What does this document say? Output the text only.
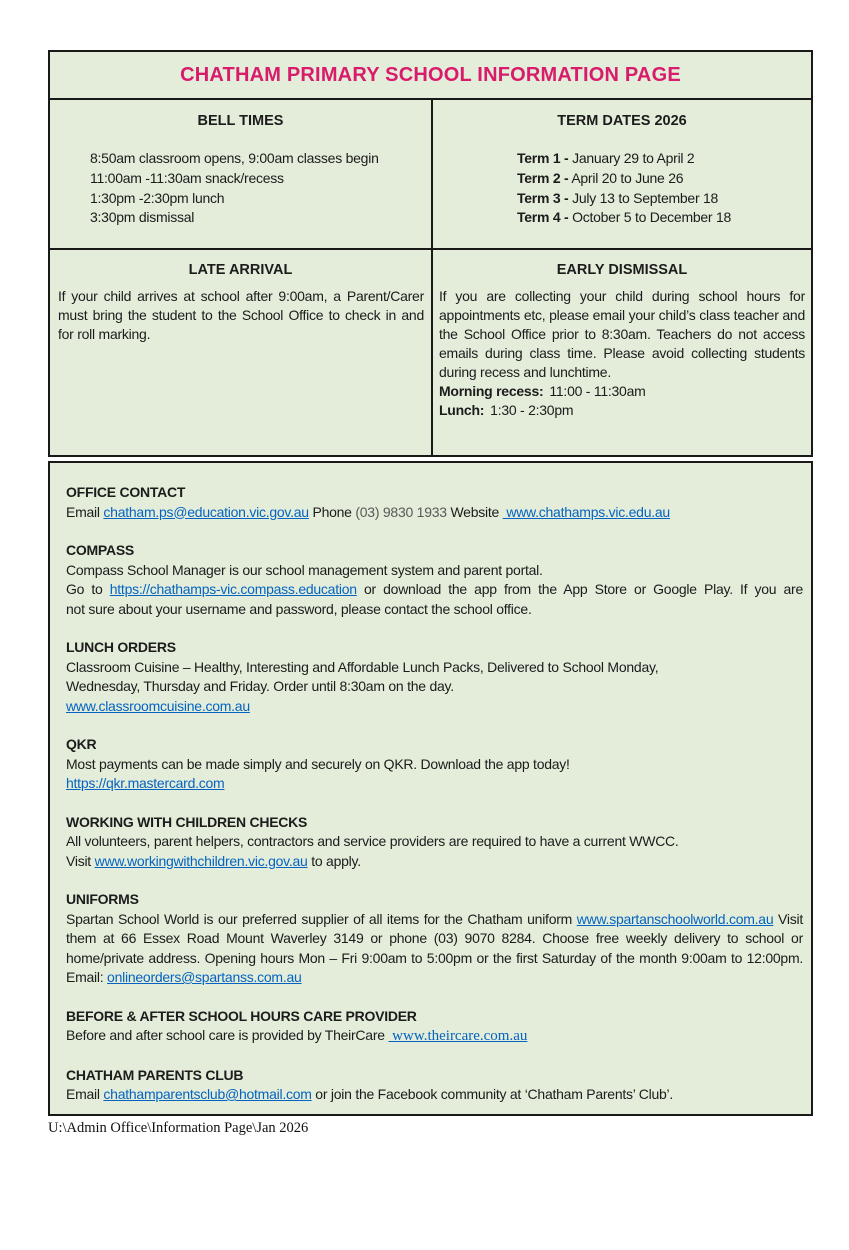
CHATHAM PRIMARY SCHOOL INFORMATION PAGE
BELL TIMES
8:50am classroom opens, 9:00am classes begin
11:00am -11:30am snack/recess
1:30pm -2:30pm lunch
3:30pm dismissal
TERM DATES 2026
Term 1 - January 29 to April 2
Term 2 - April 20 to June 26
Term 3 - July 13 to September 18
Term 4 - October 5 to December 18
LATE ARRIVAL
If your child arrives at school after 9:00am, a Parent/Carer must bring the student to the School Office to check in and for roll marking.
EARLY DISMISSAL
If you are collecting your child during school hours for appointments etc, please email your child’s class teacher and the School Office prior to 8:30am. Teachers do not access emails during class time. Please avoid collecting students during recess and lunchtime.
Morning recess: 11:00 - 11:30am
Lunch: 1:30 - 2:30pm
OFFICE CONTACT
Email chatham.ps@education.vic.gov.au Phone (03) 9830 1933 Website  www.chathamps.vic.edu.au
COMPASS
Compass School Manager is our school management system and parent portal.
Go to https://chathamps-vic.compass.education or download the app from the App Store or Google Play. If you are
not sure about your username and password, please contact the school office.
LUNCH ORDERS
Classroom Cuisine – Healthy, Interesting and Affordable Lunch Packs, Delivered to School Monday,
Wednesday, Thursday and Friday. Order until 8:30am on the day.
www.classroomcuisine.com.au
QKR
Most payments can be made simply and securely on QKR. Download the app today!
https://qkr.mastercard.com
WORKING WITH CHILDREN CHECKS
All volunteers, parent helpers, contractors and service providers are required to have a current WWCC.
Visit www.workingwithchildren.vic.gov.au to apply.
UNIFORMS
Spartan School World is our preferred supplier of all items for the Chatham uniform www.spartanschoolworld.com.au Visit them at 66 Essex Road Mount Waverley 3149 or phone (03) 9070 8284. Choose free weekly delivery to school or home/private address. Opening hours Mon – Fri 9:00am to 5:00pm or the first Saturday of the month 9:00am to 12:00pm. Email: onlineorders@spartanss.com.au
BEFORE & AFTER SCHOOL HOURS CARE PROVIDER
Before and after school care is provided by TheirCare  www.theircare.com.au
CHATHAM PARENTS CLUB
Email chathamparentsclub@hotmail.com or join the Facebook community at ‘Chatham Parents’ Club’.
U:\Admin Office\Information Page\Jan 2026
